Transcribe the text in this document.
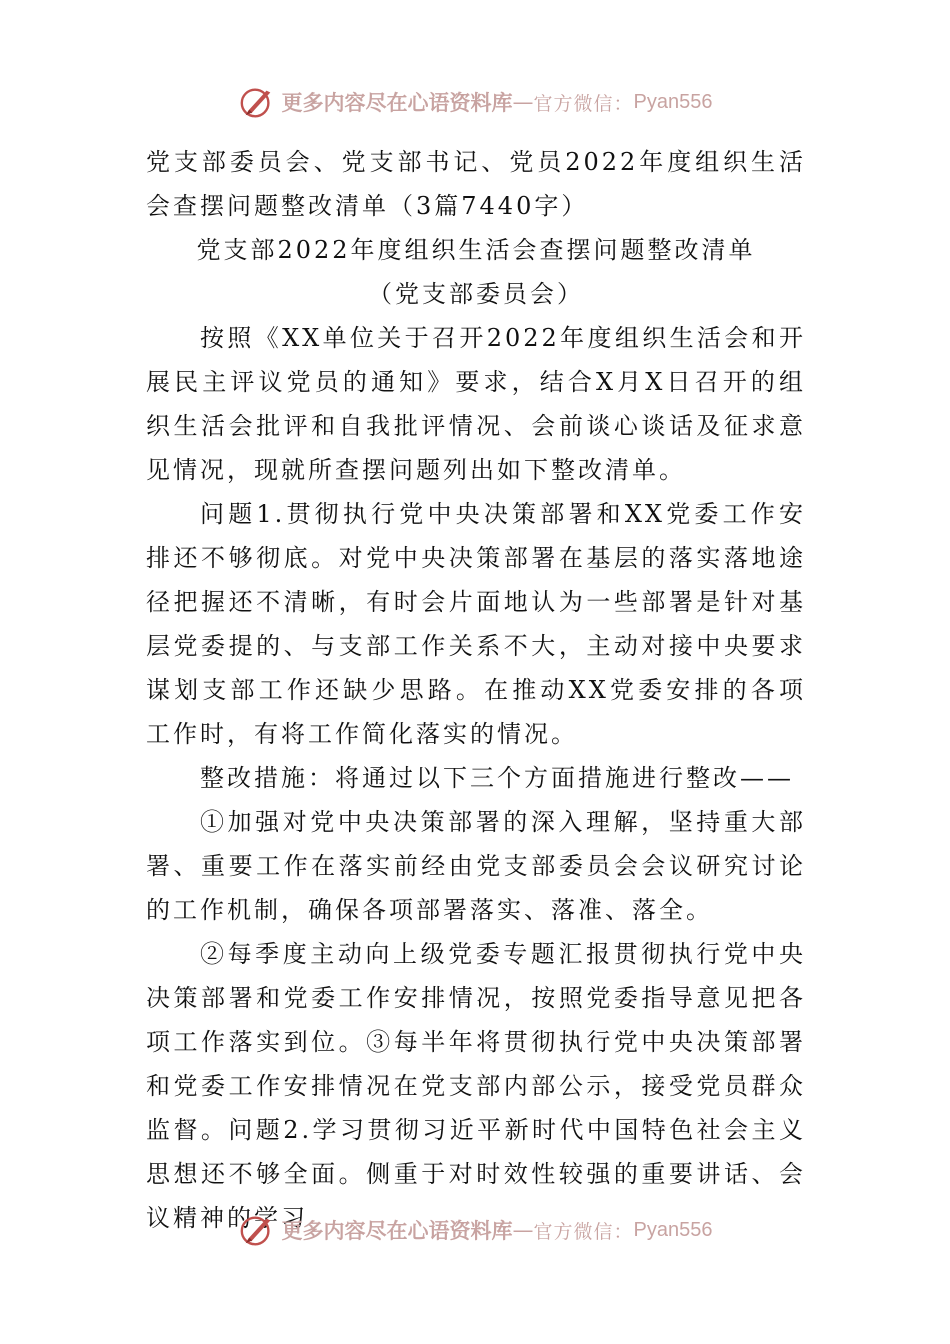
更多内容尽在心语资料库 — 官方微信： Pyan556

党支部委员会、党支部书记、党员2022年度组织生活会查摆问题整改清单（3篇7440字）

党支部2022年度组织生活会查摆问题整改清单

（党支部委员会）

按照《XX单位关于召开2022年度组织生活会和开展民主评议党员的通知》要求，结合X月X日召开的组织生活会批评和自我批评情况、会前谈心谈话及征求意见情况，现就所查摆问题列出如下整改清单。

问题1.贯彻执行党中央决策部署和XX党委工作安排还不够彻底。对党中央决策部署在基层的落实落地途径把握还不清晰，有时会片面地认为一些部署是针对基层党委提的、与支部工作关系不大，主动对接中央要求谋划支部工作还缺少思路。在推动XX党委安排的各项工作时，有将工作简化落实的情况。

整改措施：将通过以下三个方面措施进行整改——

①加强对党中央决策部署的深入理解，坚持重大部署、重要工作在落实前经由党支部委员会会议研究讨论的工作机制，确保各项部署落实、落准、落全。

②每季度主动向上级党委专题汇报贯彻执行党中央决策部署和党委工作安排情况，按照党委指导意见把各项工作落实到位。③每半年将贯彻执行党中央决策部署和党委工作安排情况在党支部内部公示，接受党员群众监督。问题2.学习贯彻习近平新时代中国特色社会主义思想还不够全面。侧重于对时效性较强的重要讲话、会议精神的学习

更多内容尽在心语资料库 — 官方微信： Pyan556
